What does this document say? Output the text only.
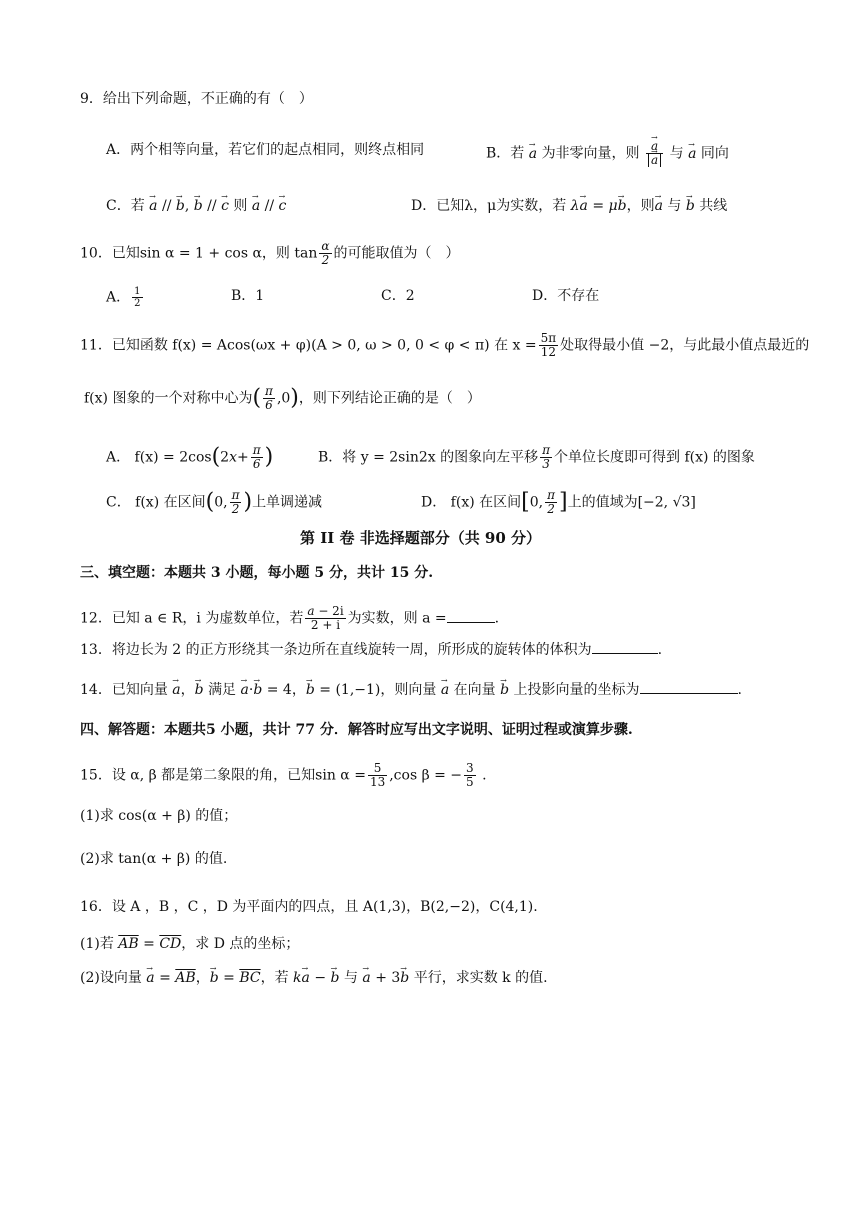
9．给出下列命题，不正确的有（　）
A．两个相等向量，若它们的起点相同，则终点相同	B．若 → a 为非零向量，则 → a
→ a 与 → a 同向
C．若 → a // → b, → b // → c 则 → a // → c	D．已知λ，μ为实数，若 λ→ a = μ→ b，则→ a 与 → b 共线
10．已知sin α = 1 + cos α，则 $\tan \frac{\alpha}{2}$ 的可能取值为（　）
A． $\frac{1}{2}$	B．1	C．2	D．不存在
11．已知函数 f(x) = Acos(ωx + φ)(A > 0, ω > 0, 0 < φ < π) 在 $x = \frac{5\pi}{12}$ 处取得最小值 −2，与此最小值点最近的
f(x) 图象的一个对称中心为( $\frac{\pi}{6} ,0$)，则下列结论正确的是（　）
A． $f(x) = 2\cos(2x+ \frac{\pi}{6}$ )	B．将 y = 2sin2x 的图象向左平移 $\frac{\pi}{3}$ 个单位长度即可得到 f(x) 的图象
C． f(x) 在区间(0, $\frac{\pi}{2}$ )上单调递减	D． f(x) 在区间[0, $\frac{\pi}{2}$ ]上的值域为[−2, √3]
第 II 卷 非选择题部分（共 90 分）
三、填空题：本题共 3 小题，每小题 5 分，共计 15 分.
12．已知 a ∈ R，i 为虚数单位，若 $\frac{a - 2i}{2 + i}$ 为实数，则 a =	.
13．将边长为 2 的正方形绕其一条边所在直线旋转一周，所形成的旋转体的体积为	.
14．已知向量 → a，→ b 满足 → a·→ b = 4，→ b = (1,−1)，则向量 → a 在向量 → b 上投影向量的坐标为	.
四、解答题：本题共5 小题，共计 77 分．解答时应写出文字说明、证明过程或演算步骤.
15．设 α, β 都是第二象限的角，已知$\sin \alpha = \frac{5}{13} ,\cos$ β = − $\frac{3}{5}$ .
(1)求 cos(α + β) 的值；
(2)求 tan(α + β) 的值.
16．设 A ，B ，C ，D 为平面内的四点，且 A(1,3)，B(2,−2)，C(4,1).
(1)若 $\overline{AB} = \overline{CD}$，求 D 点的坐标；
(2)设向量 → $a = \overline{AB}$，→ $b = \overline{BC}$，若 k→ a − → b 与 → a + 3→ b 平行，求实数 k 的值.
